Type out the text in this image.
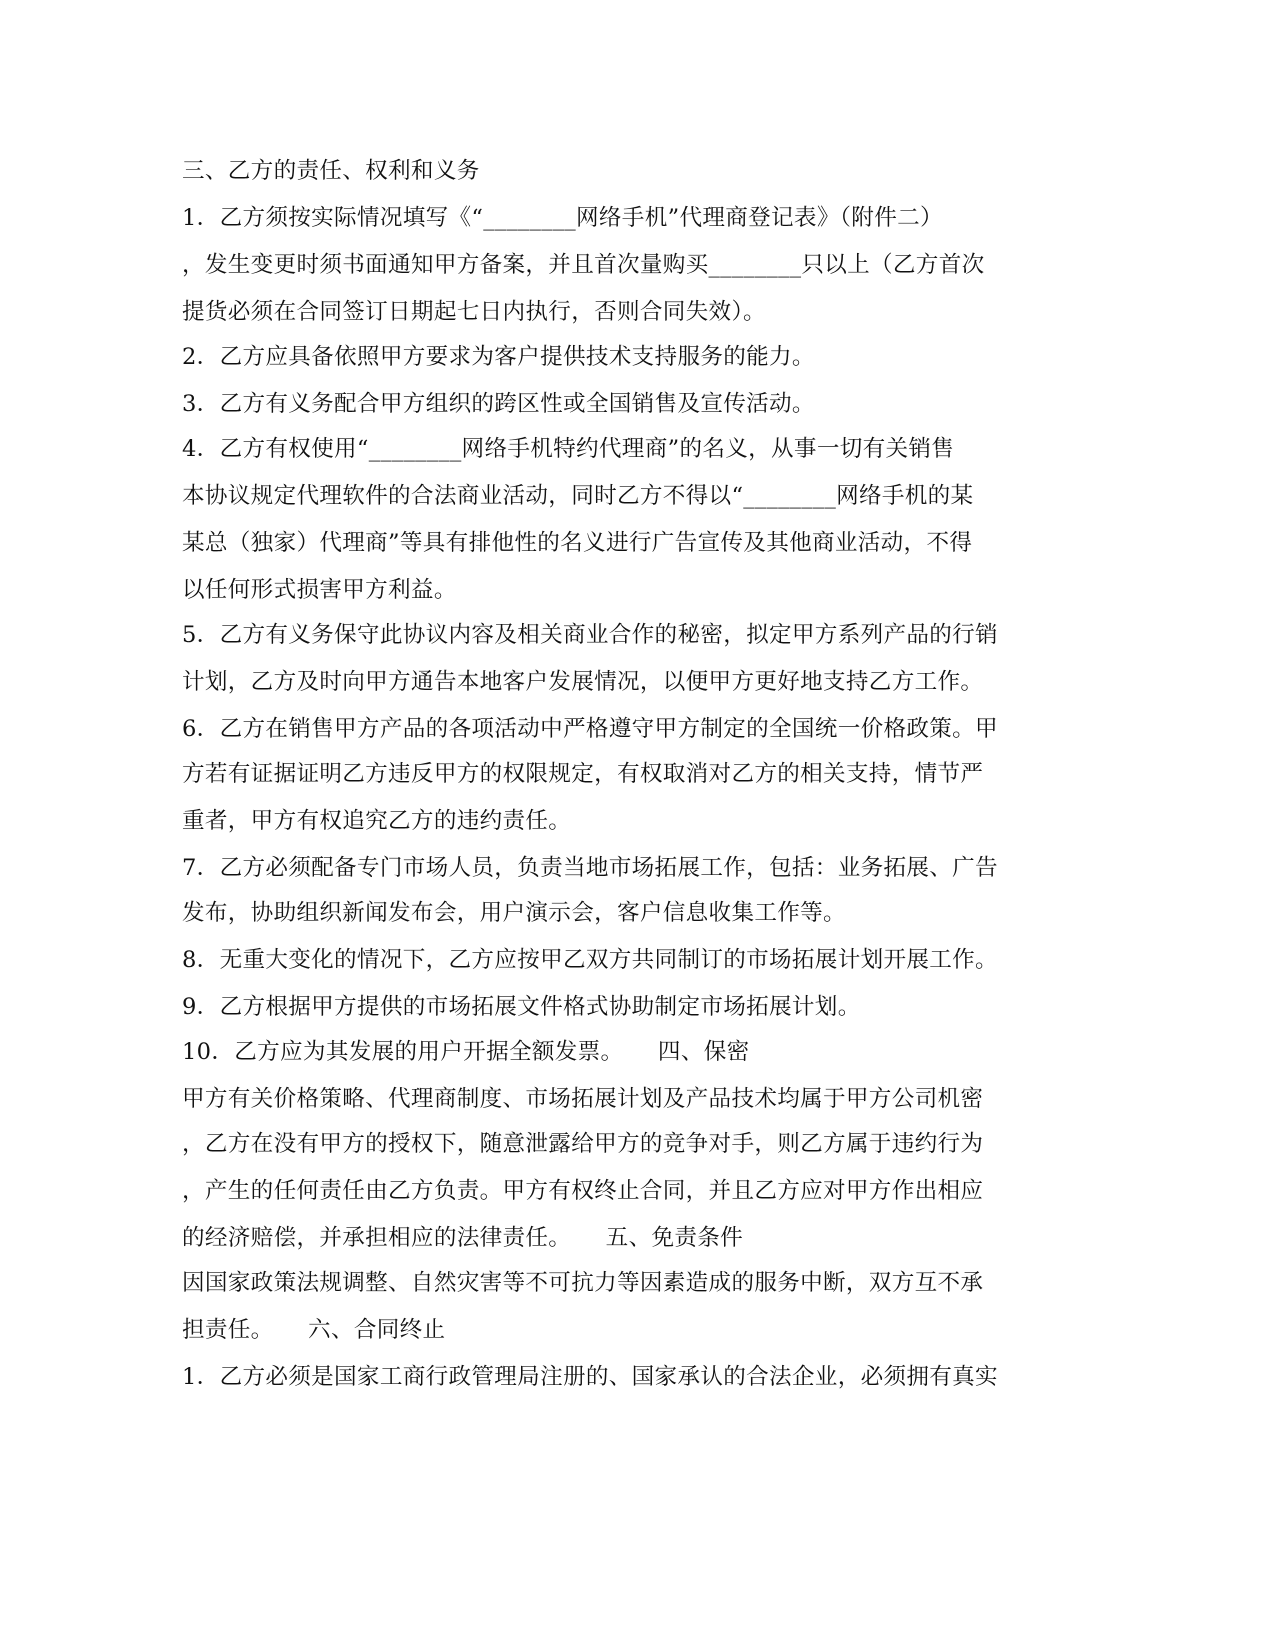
三、乙方的责任、权利和义务
1．乙方须按实际情况填写《“________网络手机”代理商登记表》（附件二）
，发生变更时须书面通知甲方备案，并且首次量购买________只以上（乙方首次
提货必须在合同签订日期起七日内执行，否则合同失效）。
2．乙方应具备依照甲方要求为客户提供技术支持服务的能力。
3．乙方有义务配合甲方组织的跨区性或全国销售及宣传活动。
4．乙方有权使用“________网络手机特约代理商”的名义，从事一切有关销售
本协议规定代理软件的合法商业活动，同时乙方不得以“________网络手机的某
某总（独家）代理商”等具有排他性的名义进行广告宣传及其他商业活动，不得
以任何形式损害甲方利益。
5．乙方有义务保守此协议内容及相关商业合作的秘密，拟定甲方系列产品的行销
计划，乙方及时向甲方通告本地客户发展情况，以便甲方更好地支持乙方工作。
6．乙方在销售甲方产品的各项活动中严格遵守甲方制定的全国统一价格政策。甲
方若有证据证明乙方违反甲方的权限规定，有权取消对乙方的相关支持，情节严
重者，甲方有权追究乙方的违约责任。
7．乙方必须配备专门市场人员，负责当地市场拓展工作，包括：业务拓展、广告
发布，协助组织新闻发布会，用户演示会，客户信息收集工作等。
8．无重大变化的情况下，乙方应按甲乙双方共同制订的市场拓展计划开展工作。
9．乙方根据甲方提供的市场拓展文件格式协助制定市场拓展计划。
10．乙方应为其发展的用户开据全额发票。　　四、保密
甲方有关价格策略、代理商制度、市场拓展计划及产品技术均属于甲方公司机密
，乙方在没有甲方的授权下，随意泄露给甲方的竞争对手，则乙方属于违约行为
，产生的任何责任由乙方负责。甲方有权终止合同，并且乙方应对甲方作出相应
的经济赔偿，并承担相应的法律责任。　　五、免责条件
因国家政策法规调整、自然灾害等不可抗力等因素造成的服务中断，双方互不承
担责任。　　六、合同终止
1．乙方必须是国家工商行政管理局注册的、国家承认的合法企业，必须拥有真实
